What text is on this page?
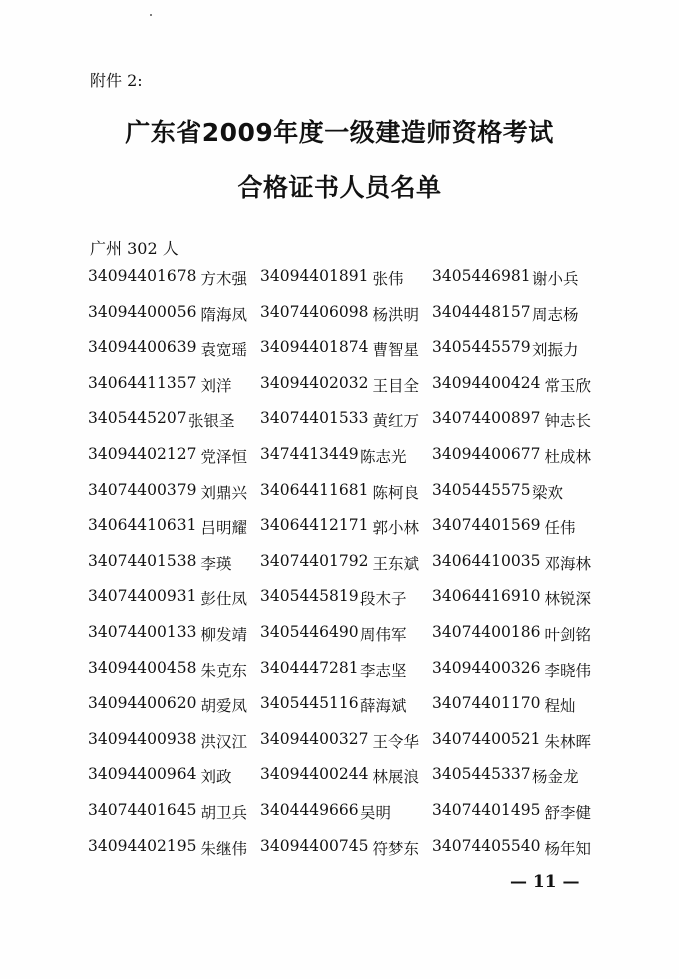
附件 2:
广东省2009年度一级建造师资格考试
合格证书人员名单
广州 302 人
34094401678 方木强 34094401891 张伟 3405446981 谢小兵
34094400056 隋海凤 34074406098 杨洪明 3404448157 周志杨
34094400639 袁宽瑶 34094401874 曹智星 3405445579 刘振力
34064411357 刘洋 34094402032 王目全 34094400424 常玉欣
3405445207 张银圣 34074401533 黄红万 34074400897 钟志长
34094402127 党泽恒 3474413449 陈志光 34094400677 杜成林
34074400379 刘鼎兴 34064411681 陈柯良 3405445575 梁欢
34064410631 吕明耀 34064412171 郭小林 34074401569 任伟
34074401538 李瑛 34074401792 王东斌 34064410035 邓海林
34074400931 彭仕凤 3405445819 段木子 34064416910 林锐深
34074400133 柳发靖 3405446490 周伟军 34074400186 叶剑铭
34094400458 朱克东 3404447281 李志坚 34094400326 李晓伟
34094400620 胡爱凤 3405445116 薛海斌 34074401170 程灿
34094400938 洪汉江 34094400327 王令华 34074400521 朱林晖
34094400964 刘政 34094400244 林展浪 3405445337 杨金龙
34074401645 胡卫兵 3404449666 吴明	34074401495 舒李健
34094402195 朱继伟 34094400745 符梦东 34074405540 杨年知
— 11 —
